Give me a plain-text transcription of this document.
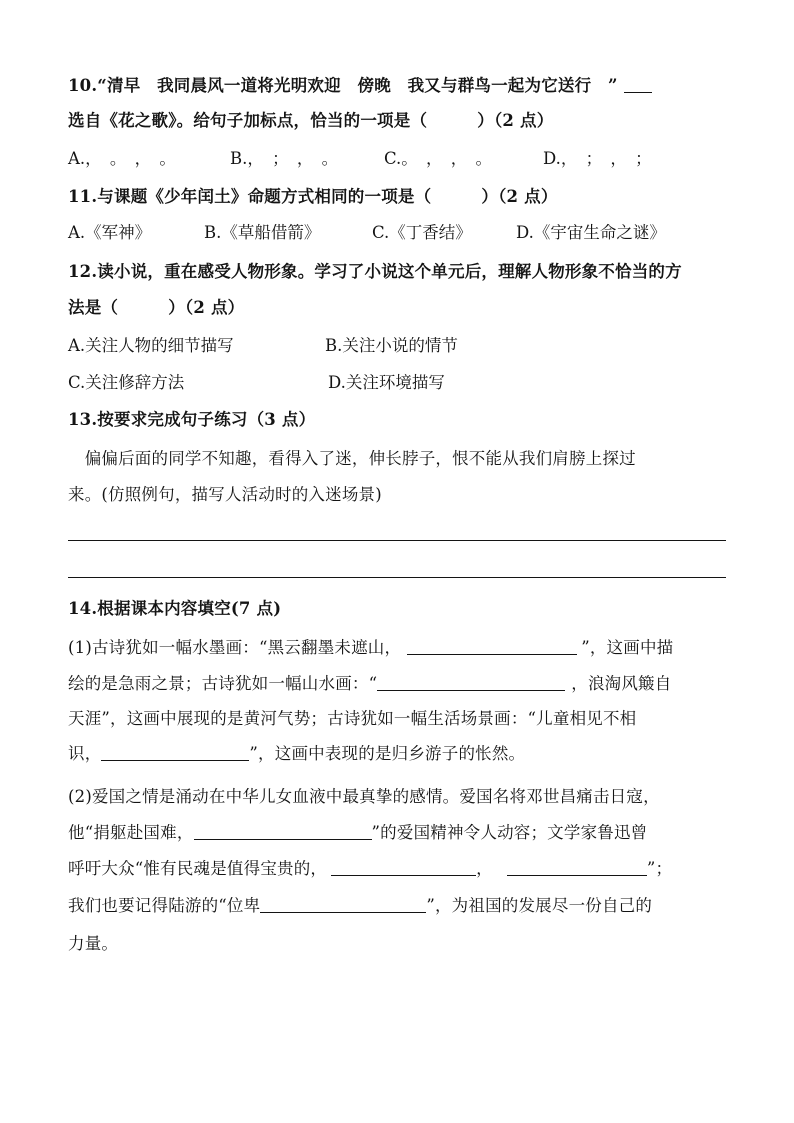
10.“清早　我同晨风一道将光明欢迎　傍晚　我又与群鸟一起为它送行　”
选自《花之歌》。给句子加标点，恰当的一项是（　　　）（2 点）
A.，　。　，　。	B.，　；　，　。	C.。　，　，　。	D.，　；　，　；
11.与课题《少年闰土》命题方式相同的一项是（　　　）（2 点）
A.《军神》	B.《草船借箭》	C.《丁香结》	D.《宇宙生命之谜》
12.读小说，重在感受人物形象。学习了小说这个单元后，理解人物形象不恰当的方
法是（　　　）（2 点）
A.关注人物的细节描写	B.关注小说的情节
C.关注修辞方法	D.关注环境描写
13.按要求完成句子练习（3 点）
　偏偏后面的同学不知趣，看得入了迷，伸长脖子，恨不能从我们肩膀上探过
来。(仿照例句，描写人活动时的入迷场景)
14.根据课本内容填空(7 点)
(1)古诗犹如一幅水墨画：“黑云翻墨未遮山，	”，这画中描
绘的是急雨之景；古诗犹如一幅山水画：“	，浪淘风簸自
天涯”，这画中展现的是黄河气势；古诗犹如一幅生活场景画：“儿童相见不相
识，	”，这画中表现的是归乡游子的怅然。
(2)爱国之情是涌动在中华儿女血液中最真挚的感情。爱国名将邓世昌痛击日寇，
他“捐躯赴国难，	”的爱国精神令人动容；文学家鲁迅曾
呼吁大众“惟有民魂是值得宝贵的，	，	”；
我们也要记得陆游的“位卑	”，为祖国的发展尽一份自己的
力量。
